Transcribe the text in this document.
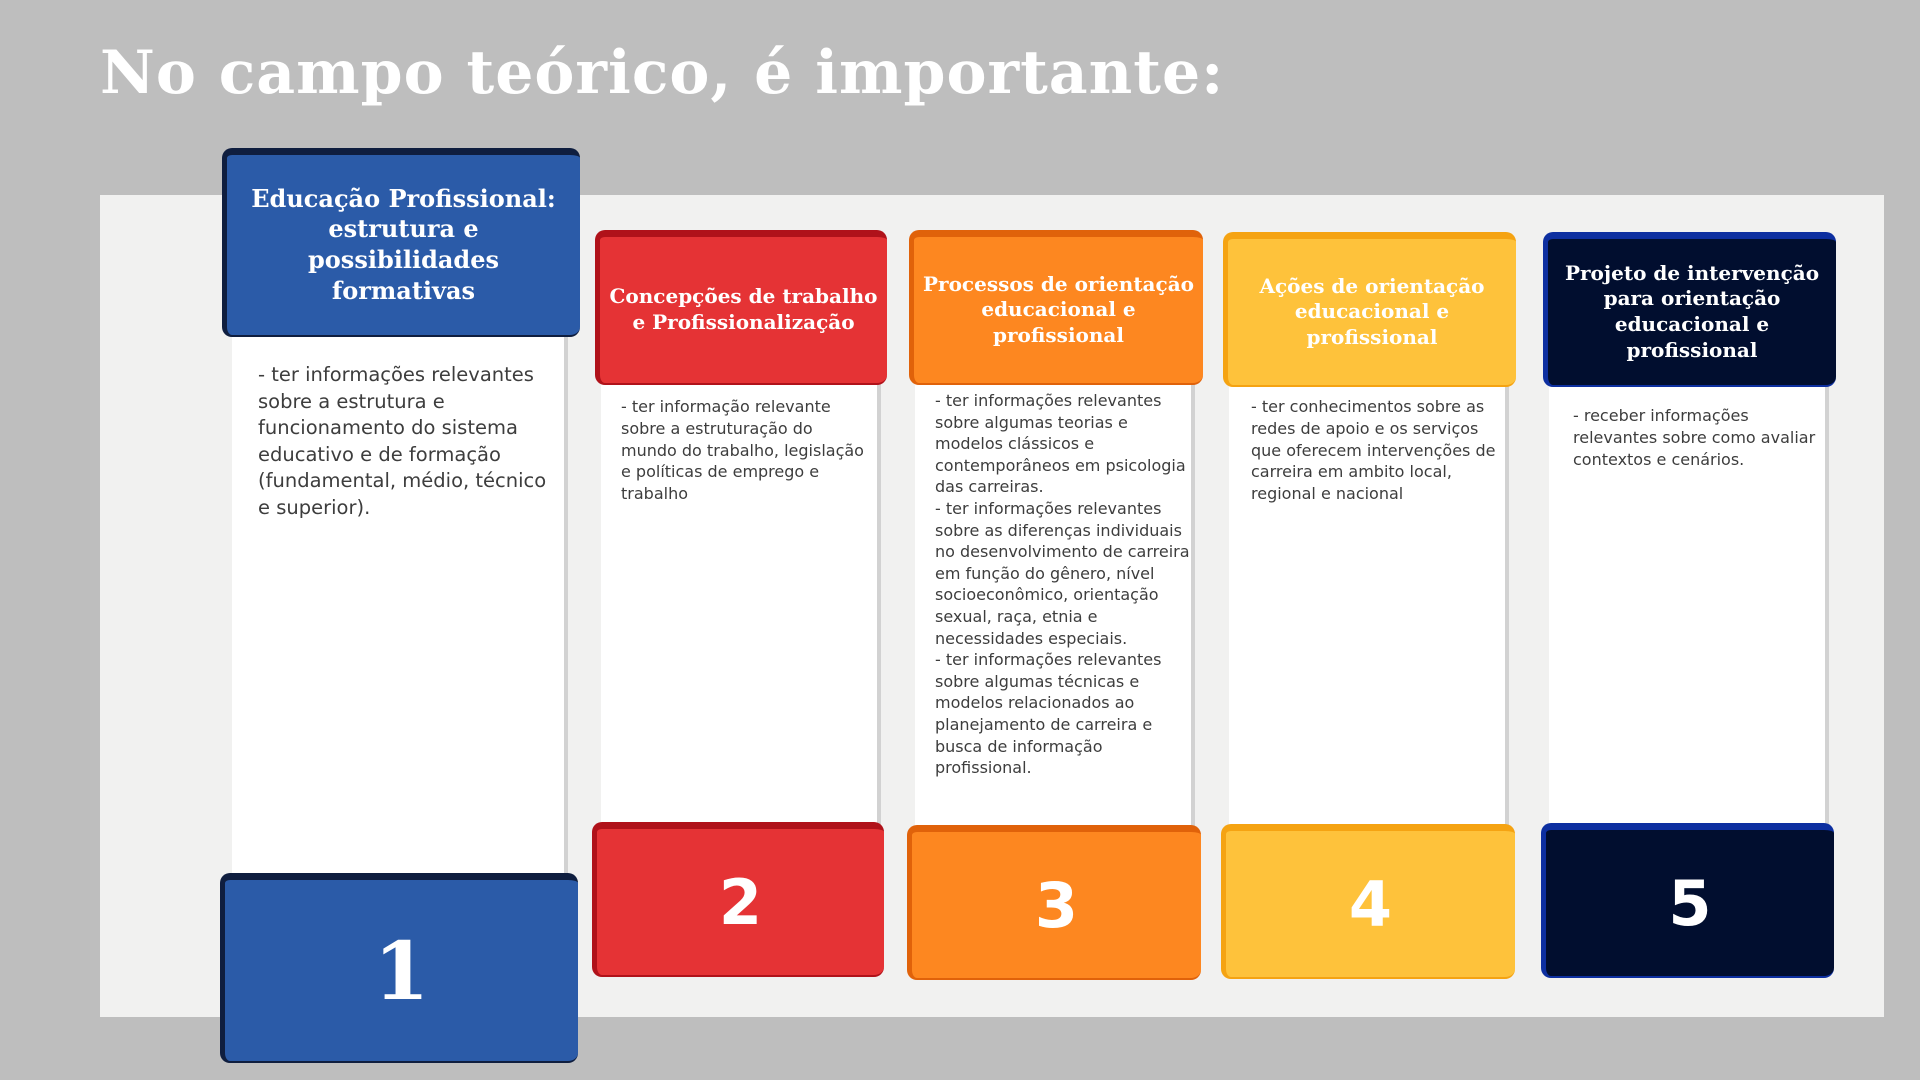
No campo teórico, é importante:

- ter informações relevantes sobre a estrutura e funcionamento do sistema educativo e de formação (fundamental, médio, técnico e superior).

Educação Profissional: estrutura e possibilidades formativas
1

- ter informação relevante sobre a estruturação do mundo do trabalho, legislação e políticas de emprego e trabalho

Concepções de trabalho e Profissionalização
2

- ter informações relevantes sobre algumas teorias e modelos clássicos e contemporâneos em psicologia das carreiras.
- ter informações relevantes sobre as diferenças individuais no desenvolvimento de carreira em função do gênero, nível socioeconômico, orientação sexual, raça, etnia e necessidades especiais.
- ter informações relevantes sobre algumas técnicas e modelos relacionados ao planejamento de carreira e busca de informação profissional.

Processos de orientação educacional e profissional
3

- ter conhecimentos sobre as redes de apoio e os serviços que oferecem intervenções de carreira em ambito local, regional e nacional

Ações de orientação educacional e profissional
4

- receber informações relevantes sobre como avaliar contextos e cenários.

Projeto de intervenção para orientação educacional e profissional
5
